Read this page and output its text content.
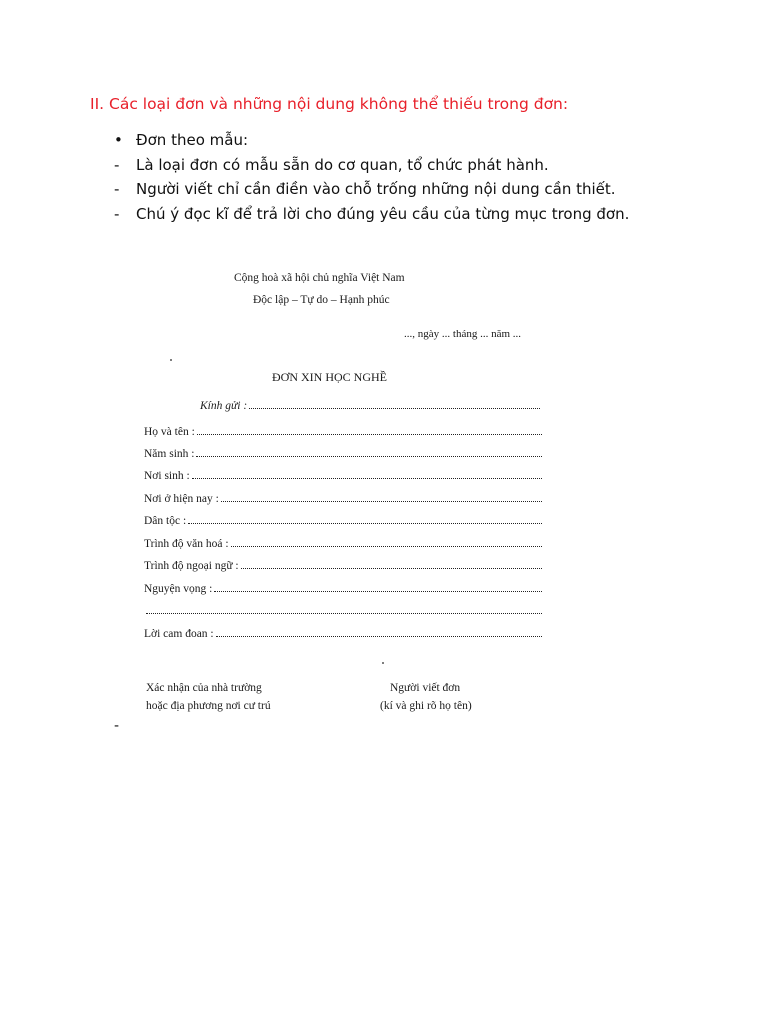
II. Các loại đơn và những nội dung không thể thiếu trong đơn:
• Đơn theo mẫu:
-	Là loại đơn có mẫu sẵn do cơ quan, tổ chức phát hành.
-	Người viết chỉ cần điền vào chỗ trống những nội dung cần thiết.
-	Chú ý đọc kĩ để trả lời cho đúng yêu cầu của từng mục trong đơn.
Cộng hoà xã hội chủ nghĩa Việt Nam
Độc lập – Tự do – Hạnh phúc
..., ngày ... tháng ... năm ...
ĐƠN XIN HỌC NGHỀ
Kính gửi :
Họ và tên :
Năm sinh :
Nơi sinh :
Nơi ở hiện nay :
Dân tộc :
Trình độ văn hoá :
Trình độ ngoại ngữ :
Nguyện vọng :
Lời cam đoan :
Xác nhận của nhà trường
hoặc địa phương nơi cư trú
Người viết đơn
(kí và ghi rõ họ tên)
-
